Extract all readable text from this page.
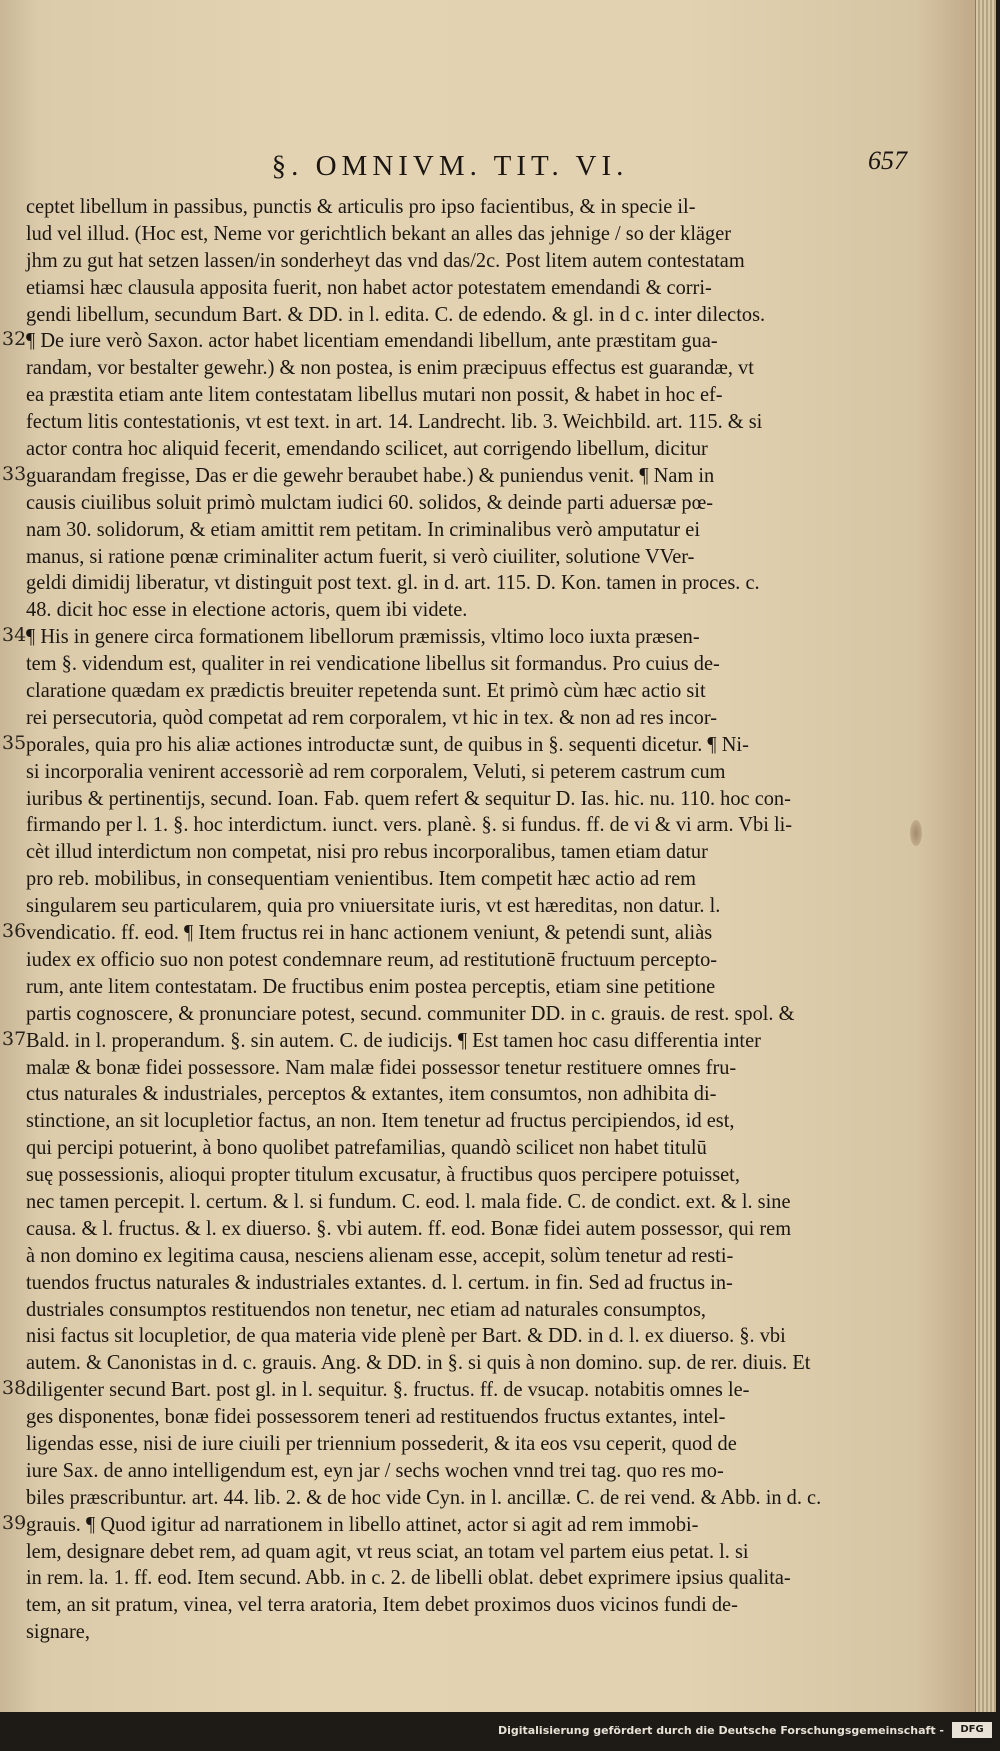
§. OMNIVM. TIT. VI.	657
ceptet libellum in passibus, punctis & articulis pro ipso facientibus, & in specie il-
lud vel illud. (Hoc est, Neme vor gerichtlich bekant an alles das jehnige / so der kläger
jhm zu gut hat setzen lassen/in sonderheyt das vnd das/2c. Post litem autem contestatam
etiamsi hæc clausula apposita fuerit, non habet actor potestatem emendandi & corri-
gendi libellum, secundum Bart. & DD. in l. edita. C. de edendo. & gl. in d c. inter dilectos.
32 ¶ De iure verò Saxon. actor habet licentiam emendandi libellum, ante præstitam gua-
randam, vor bestalter gewehr.) & non postea, is enim præcipuus effectus est guarandæ, vt
ea præstita etiam ante litem contestatam libellus mutari non possit, & habet in hoc ef-
fectum litis contestationis, vt est text. in art. 14. Landrecht. lib. 3. Weichbild. art. 115. & si
actor contra hoc aliquid fecerit, emendando scilicet, aut corrigendo libellum, dicitur
33 guarandam fregisse, Das er die gewehr beraubet habe.) & puniendus venit. ¶ Nam in
causis ciuilibus soluit primò mulctam iudici 60. solidos, & deinde parti aduersæ pœ-
nam 30. solidorum, & etiam amittit rem petitam. In criminalibus verò amputatur ei
manus, si ratione pœnæ criminaliter actum fuerit, si verò ciuiliter, solutione VVer-
geldi dimidij liberatur, vt distinguit post text. gl. in d. art. 115. D. Kon. tamen in proces. c.
48. dicit hoc esse in electione actoris, quem ibi videte.
34 ¶ His in genere circa formationem libellorum præmissis, vltimo loco iuxta præsen-
tem §. videndum est, qualiter in rei vendicatione libellus sit formandus. Pro cuius de-
claratione quædam ex prædictis breuiter repetenda sunt. Et primò cùm hæc actio sit
rei persecutoria, quòd competat ad rem corporalem, vt hic in tex. & non ad res incor-
35 porales, quia pro his aliæ actiones introductæ sunt, de quibus in §. sequenti dicetur. ¶ Ni-
si incorporalia venirent accessoriè ad rem corporalem, Veluti, si peterem castrum cum
iuribus & pertinentijs, secund. Ioan. Fab. quem refert & sequitur D. Ias. hic. nu. 110. hoc con-
firmando per l. 1. §. hoc interdictum. iunct. vers. planè. §. si fundus. ff. de vi & vi arm. Vbi li-
cèt illud interdictum non competat, nisi pro rebus incorporalibus, tamen etiam datur
pro reb. mobilibus, in consequentiam venientibus. Item competit hæc actio ad rem
singularem seu particularem, quia pro vniuersitate iuris, vt est hæreditas, non datur. l.
36 vendicatio. ff. eod. ¶ Item fructus rei in hanc actionem veniunt, & petendi sunt, aliàs
iudex ex officio suo non potest condemnare reum, ad restitutionē fructuum percepto-
rum, ante litem contestatam. De fructibus enim postea perceptis, etiam sine petitione
partis cognoscere, & pronunciare potest, secund. communiter DD. in c. grauis. de rest. spol. &
37 Bald. in l. properandum. §. sin autem. C. de iudicijs. ¶ Est tamen hoc casu differentia inter
malæ & bonæ fidei possessore. Nam malæ fidei possessor tenetur restituere omnes fru-
ctus naturales & industriales, perceptos & extantes, item consumtos, non adhibita di-
stinctione, an sit locupletior factus, an non. Item tenetur ad fructus percipiendos, id est,
qui percipi potuerint, à bono quolibet patrefamilias, quandò scilicet non habet titulū
suę possessionis, alioqui propter titulum excusatur, à fructibus quos percipere potuisset,
nec tamen percepit. l. certum. & l. si fundum. C. eod. l. mala fide. C. de condict. ext. & l. sine
causa. & l. fructus. & l. ex diuerso. §. vbi autem. ff. eod. Bonæ fidei autem possessor, qui rem
à non domino ex legitima causa, nesciens alienam esse, accepit, solùm tenetur ad resti-
tuendos fructus naturales & industriales extantes. d. l. certum. in fin. Sed ad fructus in-
dustriales consumptos restituendos non tenetur, nec etiam ad naturales consumptos,
nisi factus sit locupletior, de qua materia vide plenè per Bart. & DD. in d. l. ex diuerso. §. vbi
autem. & Canonistas in d. c. grauis. Ang. & DD. in §. si quis à non domino. sup. de rer. diuis. Et
38 diligenter secund Bart. post gl. in l. sequitur. §. fructus. ff. de vsucap. notabitis omnes le-
ges disponentes, bonæ fidei possessorem teneri ad restituendos fructus extantes, intel-
ligendas esse, nisi de iure ciuili per triennium possederit, & ita eos vsu ceperit, quod de
iure Sax. de anno intelligendum est, eyn jar / sechs wochen vnnd trei tag. quo res mo-
biles præscribuntur. art. 44. lib. 2. & de hoc vide Cyn. in l. ancillæ. C. de rei vend. & Abb. in d. c.
39 grauis. ¶ Quod igitur ad narrationem in libello attinet, actor si agit ad rem immobi-
lem, designare debet rem, ad quam agit, vt reus sciat, an totam vel partem eius petat. l. si
in rem. la. 1. ff. eod. Item secund. Abb. in c. 2. de libelli oblat. debet exprimere ipsius qualita-
tem, an sit pratum, vinea, vel terra aratoria, Item debet proximos duos vicinos fundi de-
signare,
Digitalisierung gefördert durch die Deutsche Forschungsgemeinschaft -	DFG
